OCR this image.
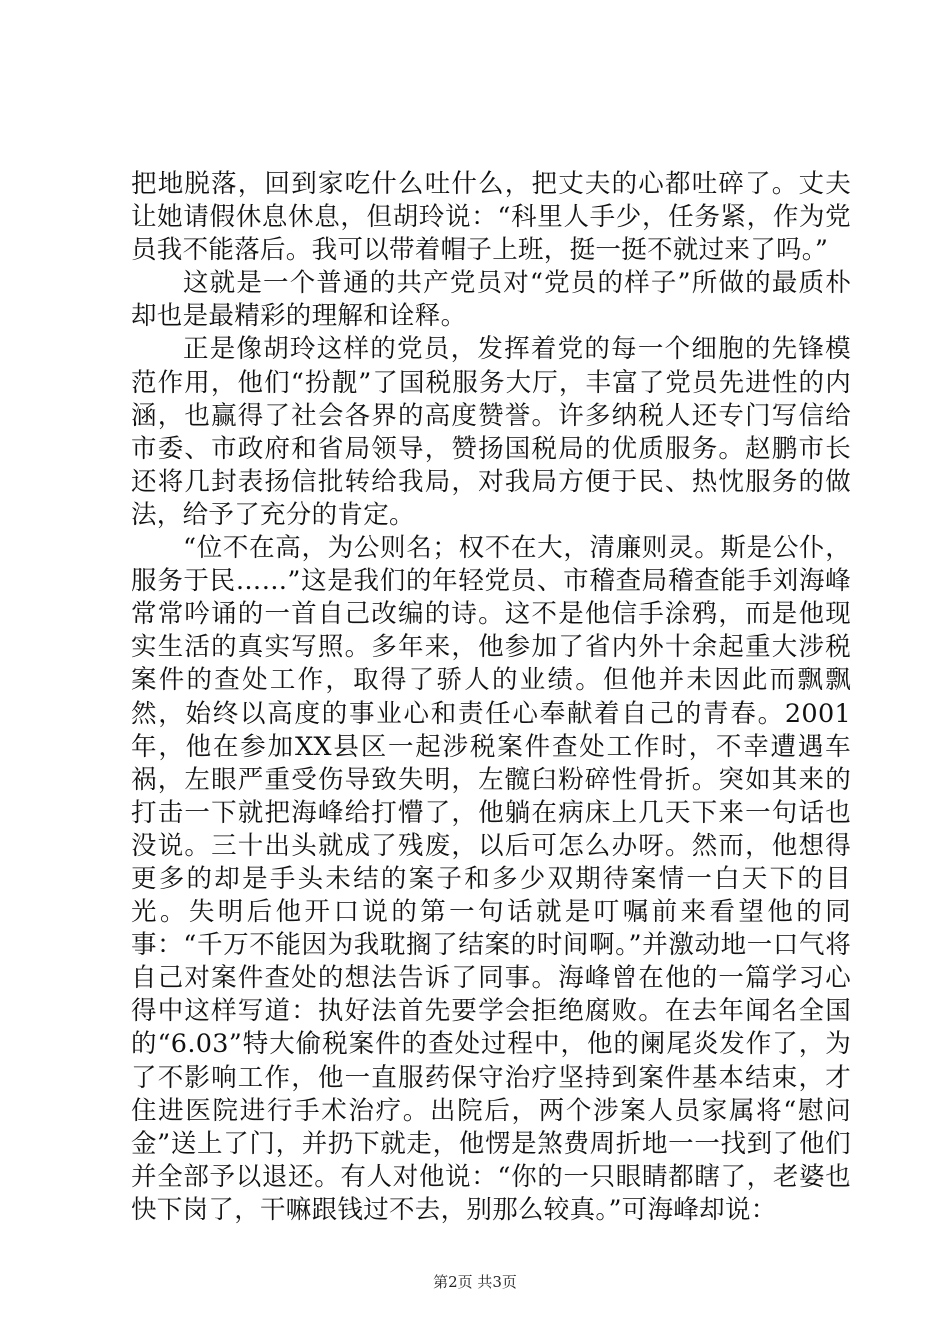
把地脱落，回到家吃什么吐什么，把丈夫的心都吐碎了。丈夫让她请假休息休息，但胡玲说：“科里人手少，任务紧，作为党员我不能落后。我可以带着帽子上班，挺一挺不就过来了吗。”

这就是一个普通的共产党员对“党员的样子”所做的最质朴却也是最精彩的理解和诠释。

正是像胡玲这样的党员，发挥着党的每一个细胞的先锋模范作用，他们“扮靓”了国税服务大厅，丰富了党员先进性的内涵，也赢得了社会各界的高度赞誉。许多纳税人还专门写信给市委、市政府和省局领导，赞扬国税局的优质服务。赵鹏市长还将几封表扬信批转给我局，对我局方便于民、热忱服务的做法，给予了充分的肯定。

“位不在高，为公则名；权不在大，清廉则灵。斯是公仆，服务于民……”这是我们的年轻党员、市稽查局稽查能手刘海峰常常吟诵的一首自己改编的诗。这不是他信手涂鸦，而是他现实生活的真实写照。多年来，他参加了省内外十余起重大涉税案件的查处工作，取得了骄人的业绩。但他并未因此而飘飘然，始终以高度的事业心和责任心奉献着自己的青春。2001年，他在参加XX县区一起涉税案件查处工作时，不幸遭遇车祸，左眼严重受伤导致失明，左髋臼粉碎性骨折。突如其来的打击一下就把海峰给打懵了，他躺在病床上几天下来一句话也没说。三十出头就成了残废，以后可怎么办呀。然而，他想得更多的却是手头未结的案子和多少双期待案情一白天下的目光。失明后他开口说的第一句话就是叮嘱前来看望他的同事：“千万不能因为我耽搁了结案的时间啊。”并激动地一口气将自己对案件查处的想法告诉了同事。海峰曾在他的一篇学习心得中这样写道：执好法首先要学会拒绝腐败。在去年闻名全国的“6.03”特大偷税案件的查处过程中，他的阑尾炎发作了，为了不影响工作，他一直服药保守治疗坚持到案件基本结束，才住进医院进行手术治疗。出院后，两个涉案人员家属将“慰问金”送上了门，并扔下就走，他愣是煞费周折地一一找到了他们并全部予以退还。有人对他说：“你的一只眼睛都瞎了，老婆也快下岗了，干嘛跟钱过不去，别那么较真。”可海峰却说：

第2页 共3页
